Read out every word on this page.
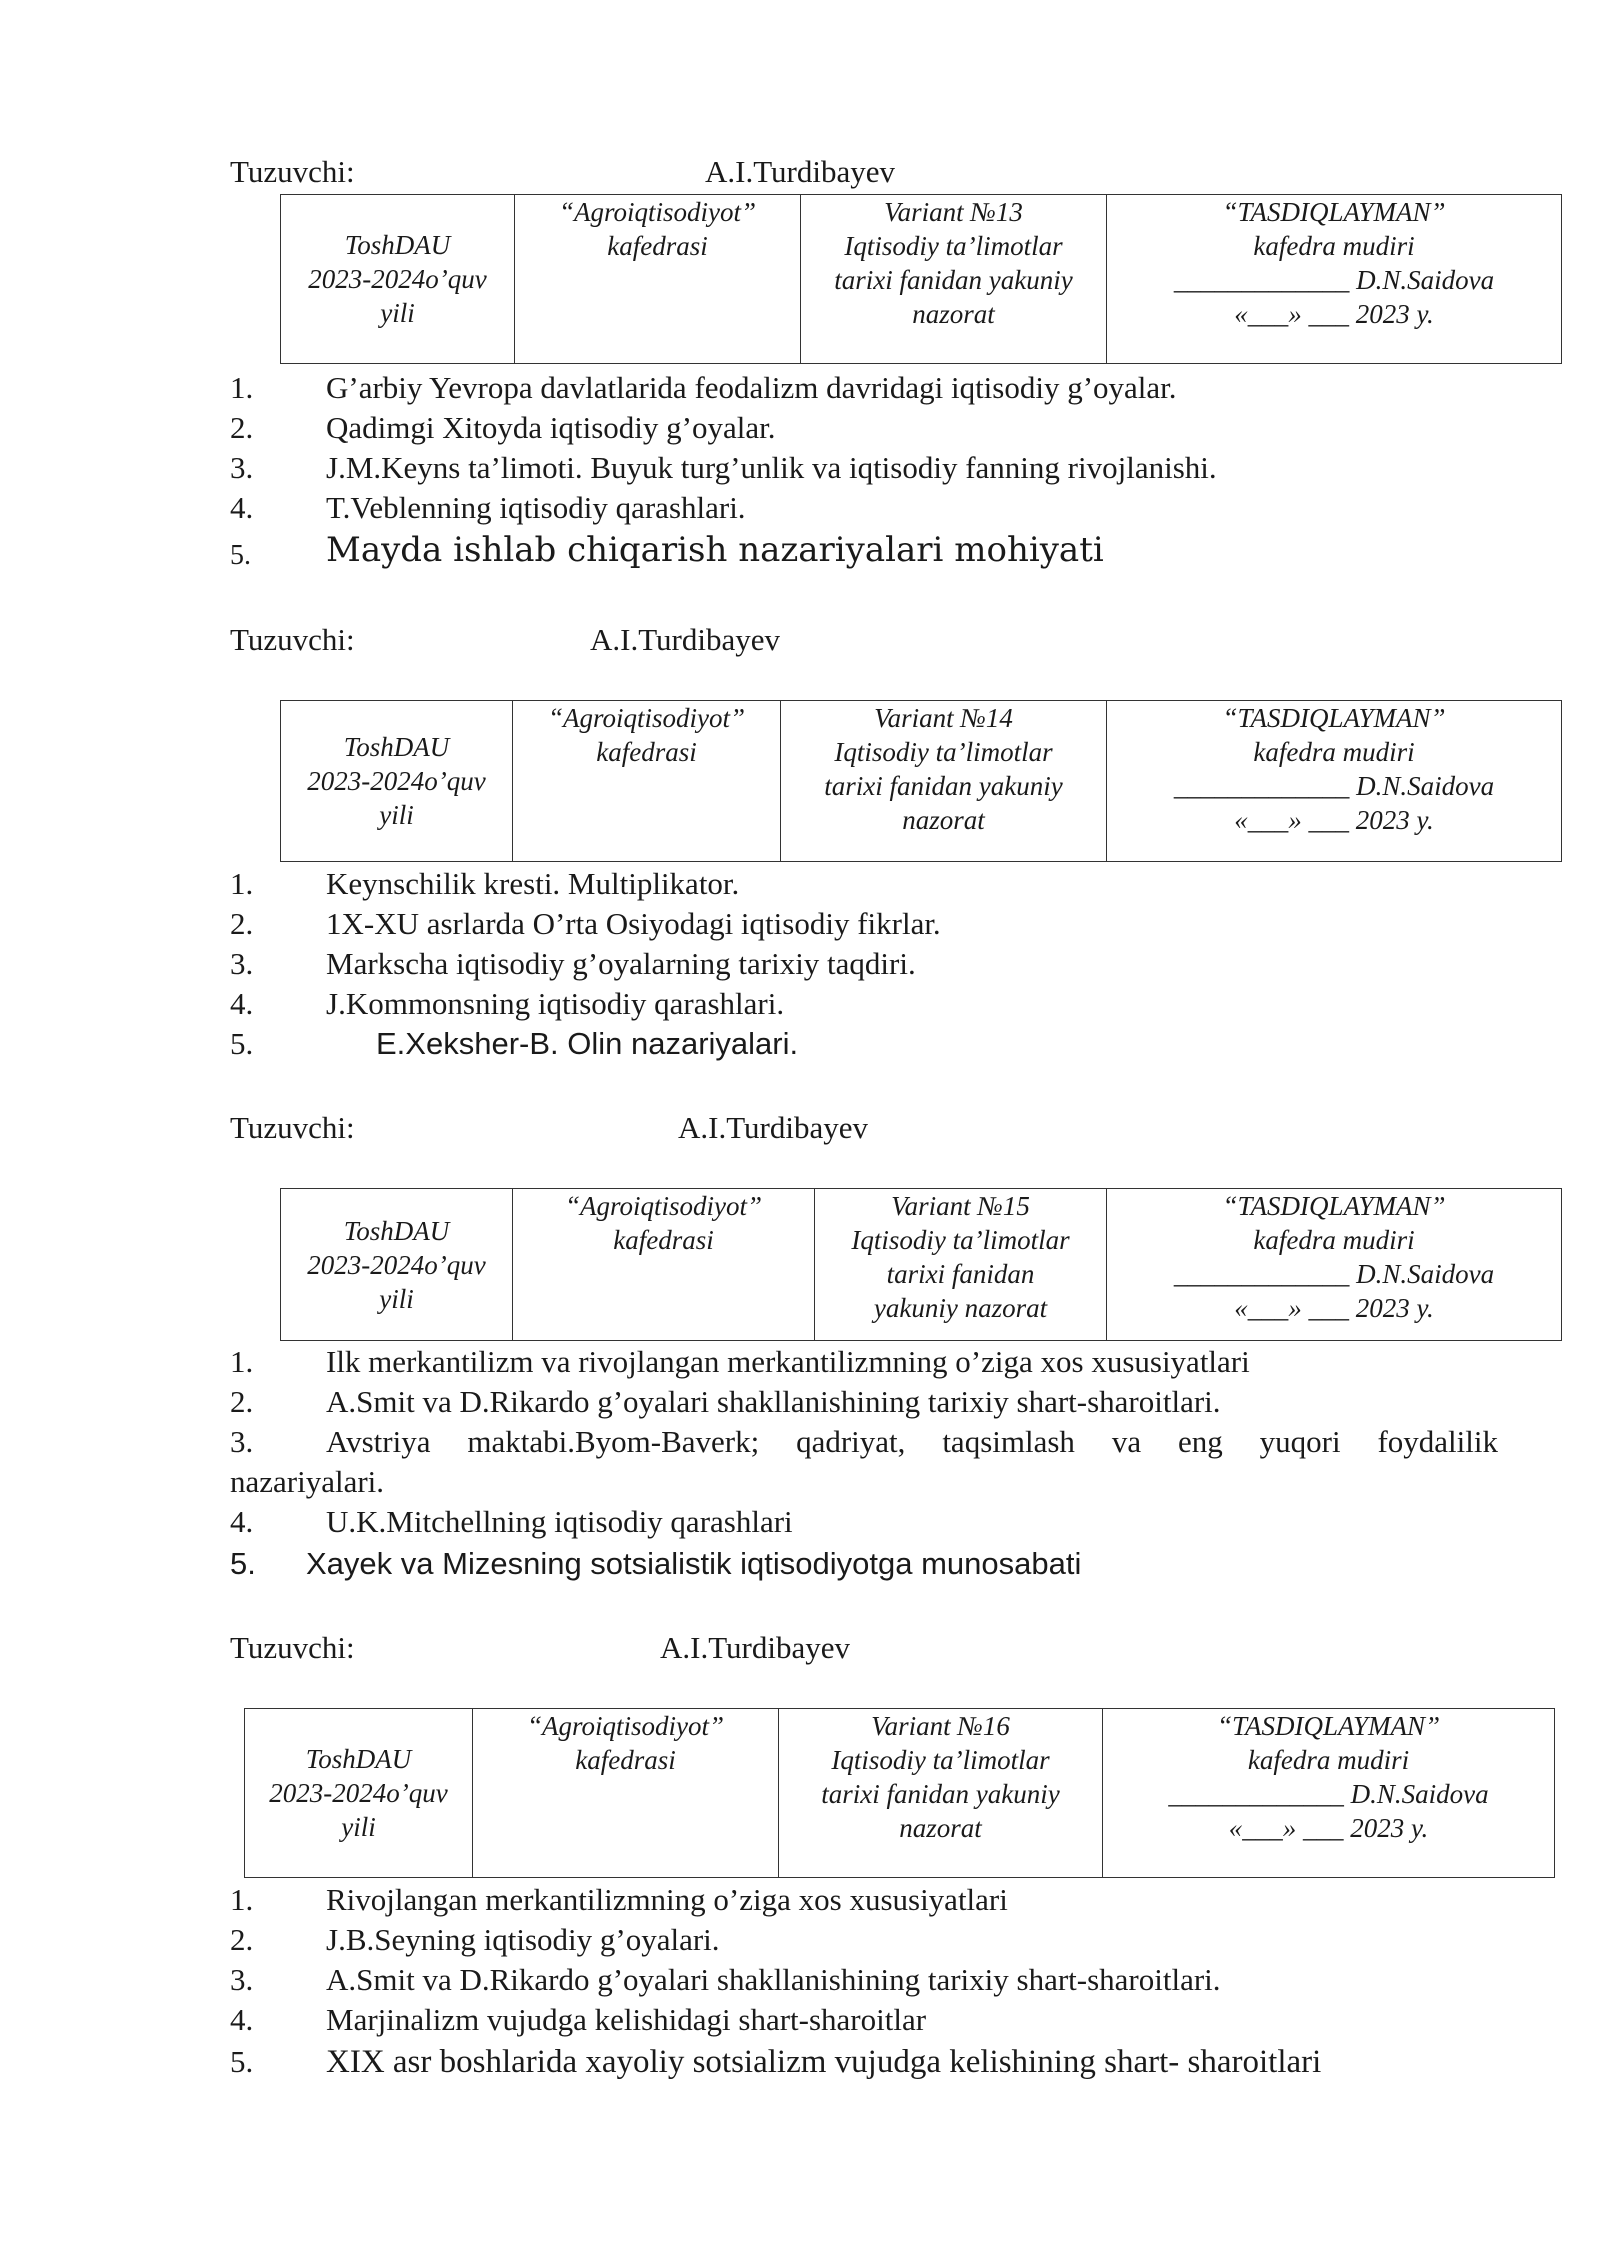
Tuzuvchi:	A.I.Turdibayev
ToshDAU
2023-2024o’quv
yili

“Agroiqtisodiyot”
kafedrasi

Variant №13
Iqtisodiy ta’limotlar
tarixi fanidan yakuniy
nazorat

“TASDIQLAYMAN”
kafedra mudiri
_____________ D.N.Saidova
«___» ___ 2023 y.
1. G’arbiy Yevropa davlatlarida feodalizm davridagi iqtisodiy g’oyalar.
2. Qadimgi Xitoyda iqtisodiy g’oyalar.
3. J.M.Keyns ta’limoti. Buyuk turg’unlik va iqtisodiy fanning rivojlanishi.
4. T.Veblenning iqtisodiy qarashlari.
5. Mayda ishlab chiqarish nazariyalari mohiyati
Tuzuvchi:	A.I.Turdibayev
ToshDAU
2023-2024o’quv
yili

“Agroiqtisodiyot”
kafedrasi

Variant №14
Iqtisodiy ta’limotlar
tarixi fanidan yakuniy
nazorat

“TASDIQLAYMAN”
kafedra mudiri
_____________ D.N.Saidova
«___» ___ 2023 y.
1. Keynschilik kresti. Multiplikator.
2. 1X-XU asrlarda O’rta Osiyodagi iqtisodiy fikrlar.
3. Markscha iqtisodiy g’oyalarning tarixiy taqdiri.
4. J.Kommonsning iqtisodiy qarashlari.
5.	E.Xeksher-B. Olin nazariyalari.
Tuzuvchi:	A.I.Turdibayev
ToshDAU
2023-2024o’quv
yili

“Agroiqtisodiyot”
kafedrasi

Variant №15
Iqtisodiy ta’limotlar
tarixi fanidan
yakuniy nazorat

“TASDIQLAYMAN”
kafedra mudiri
_____________ D.N.Saidova
«___» ___ 2023 y.
1. Ilk merkantilizm va rivojlangan merkantilizmning o’ziga xos xususiyatlari
2. A.Smit va D.Rikardo g’oyalari shakllanishining tarixiy shart-sharoitlari.
3. Avstriya maktabi.Byom-Baverk; qadriyat, taqsimlash va eng yuqori foydalilik
nazariyalari.
4. U.K.Mitchellning iqtisodiy qarashlari
5. Xayek va Mizesning sotsialistik iqtisodiyotga munosabati
Tuzuvchi:	A.I.Turdibayev
ToshDAU
2023-2024o’quv
yili

“Agroiqtisodiyot”
kafedrasi

Variant №16
Iqtisodiy ta’limotlar
tarixi fanidan yakuniy
nazorat

“TASDIQLAYMAN”
kafedra mudiri
_____________ D.N.Saidova
«___» ___ 2023 y.
1. Rivojlangan merkantilizmning o’ziga xos xususiyatlari
2. J.B.Seyning iqtisodiy g’oyalari.
3. A.Smit va D.Rikardo g’oyalari shakllanishining tarixiy shart-sharoitlari.
4. Marjinalizm vujudga kelishidagi shart-sharoitlar
5. XIX asr boshlarida xayoliy sotsializm vujudga kelishining shart- sharoitlari
